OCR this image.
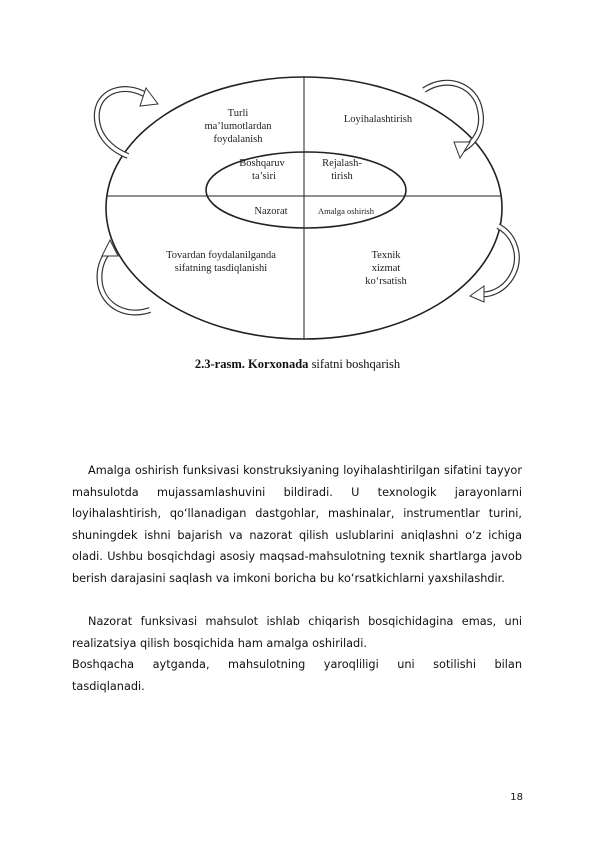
Turli
ma’lumotlardan
foydalanish
Loyihalashtirish
Tovardan foydalanilganda
sifatning tasdiqlanishi
Texnik
xizmat
ko‘rsatish
Boshqaruv
ta’siri
Rejalash-
tirish
Nazorat	Amalga oshirish
2.3-rasm. Korxonada sifatni boshqarish

Amalga oshirish funksivasi konstruksiyaning loyihalashtirilgan sifatini tayyor mahsulotda mujassamlashuvini bildiradi. U texnologik jarayonlarni loyihalashtirish, qo‘llanadigan dastgohlar, mashinalar, instrumentlar turini, shuningdek ishni bajarish va nazorat qilish uslublarini aniqlashni o‘z ichiga oladi. Ushbu bosqichdagi asosiy maqsad-mahsulotning texnik shartlarga javob berish darajasini saqlash va imkoni boricha bu ko‘rsatkichlarni yaxshilashdir.

Nazorat funksivasi mahsulot ishlab chiqarish bosqichidagina emas, uni realizatsiya qilish bosqichida ham amalga oshiriladi.

Boshqacha aytganda, mahsulotning yaroqliligi uni sotilishi bilan

tasdiqlanadi.

18
